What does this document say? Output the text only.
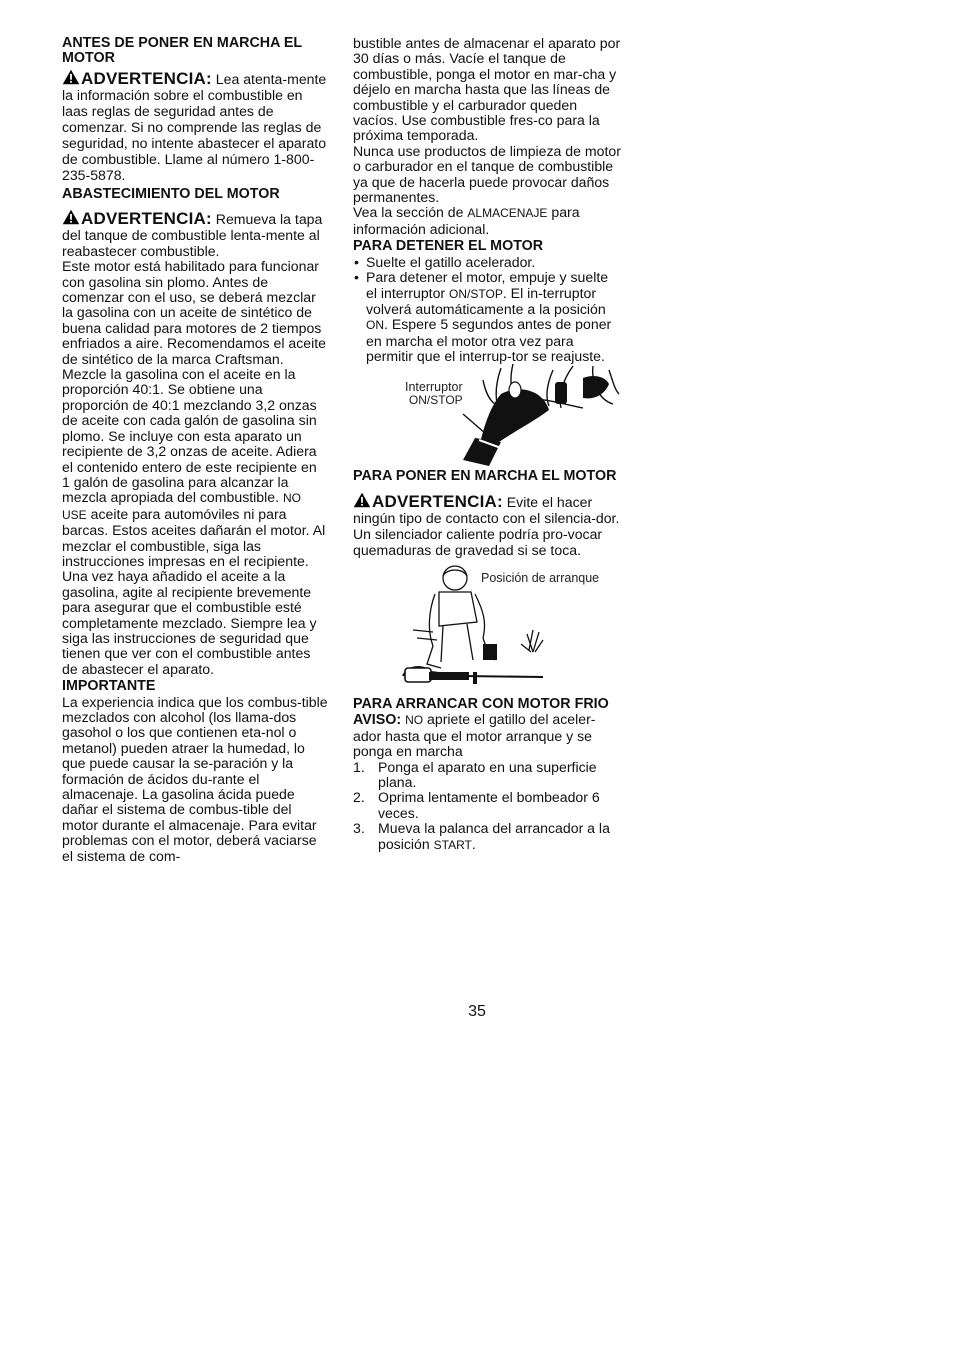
ANTES DE PONER EN MARCHA EL MOTOR

ADVERTENCIA: Lea atenta-mente la información sobre el combustible en laas reglas de seguridad antes de comenzar. Si no comprende las reglas de seguridad, no intente abastecer el aparato de combustible. Llame al número 1-800-235-5878.

ABASTECIMIENTO DEL MOTOR

ADVERTENCIA: Remueva la tapa del tanque de combustible lenta-mente al reabastecer combustible.

Este motor está habilitado para funcionar con gasolina sin plomo. Antes de comenzar con el uso, se deberá mezclar la gasolina con un aceite de sintético de buena calidad para motores de 2 tiempos enfriados a aire. Recomendamos el aceite de sintético de la marca Craftsman. Mezcle la gasolina con el aceite en la proporción 40:1. Se obtiene una proporción de 40:1 mezclando 3,2 onzas de aceite con cada galón de gasolina sin plomo. Se incluye con esta aparato un recipiente de 3,2 onzas de aceite. Adiera el contenido entero de este recipiente en 1 galón de gasolina para alcanzar la mezcla apropiada del combustible. NO USE aceite para automóviles ni para barcas. Estos aceites dañarán el motor. Al mezclar el combustible, siga las instrucciones impresas en el recipiente. Una vez haya añadido el aceite a la gasolina, agite al recipiente brevemente para asegurar que el combustible esté completamente mezclado. Siempre lea y siga las instrucciones de seguridad que tienen que ver con el combustible antes de abastecer el aparato.

IMPORTANTE

La experiencia indica que los combus-tible mezclados con alcohol (los llama-dos gasohol o los que contienen eta-nol o metanol) pueden atraer la humedad, lo que puede causar la se-paración y la formación de ácidos du-rante el almacenaje. La gasolina ácida puede dañar el sistema de combus-tible del motor durante el almacenaje. Para evitar problemas con el motor, deberá vaciarse el sistema de com-

bustible antes de almacenar el aparato por 30 días o más. Vacíe el tanque de combustible, ponga el motor en mar-cha y déjelo en marcha hasta que las líneas de combustible y el carburador queden vacíos. Use combustible fres-co para la próxima temporada.

Nunca use productos de limpieza de motor o carburador en el tanque de combustible ya que de hacerla puede provocar daños permanentes.

Vea la sección de ALMACENAJE para información adicional.

PARA DETENER EL MOTOR

• Suelte el gatillo acelerador.
• Para detener el motor, empuje y suelte el interruptor ON/STOP. El in-terruptor volverá automáticamente a la posición ON. Espere 5 segundos antes de poner en marcha el motor otra vez para permitir que el interrup-tor se reajuste.
Interruptor
ON/STOP

PARA PONER EN MARCHA EL MOTOR

ADVERTENCIA: Evite el hacer ningún tipo de contacto con el silencia-dor. Un silenciador caliente podría pro-vocar quemaduras de gravedad si se toca.

Posición de arranque

PARA ARRANCAR CON MOTOR FRIO

AVISO: NO apriete el gatillo del aceler-ador hasta que el motor arranque y se ponga en marcha

1. Ponga el aparato en una superficie plana.
2. Oprima lentamente el bombeador 6 veces.
3. Mueva la palanca del arrancador a la posición START.
35
